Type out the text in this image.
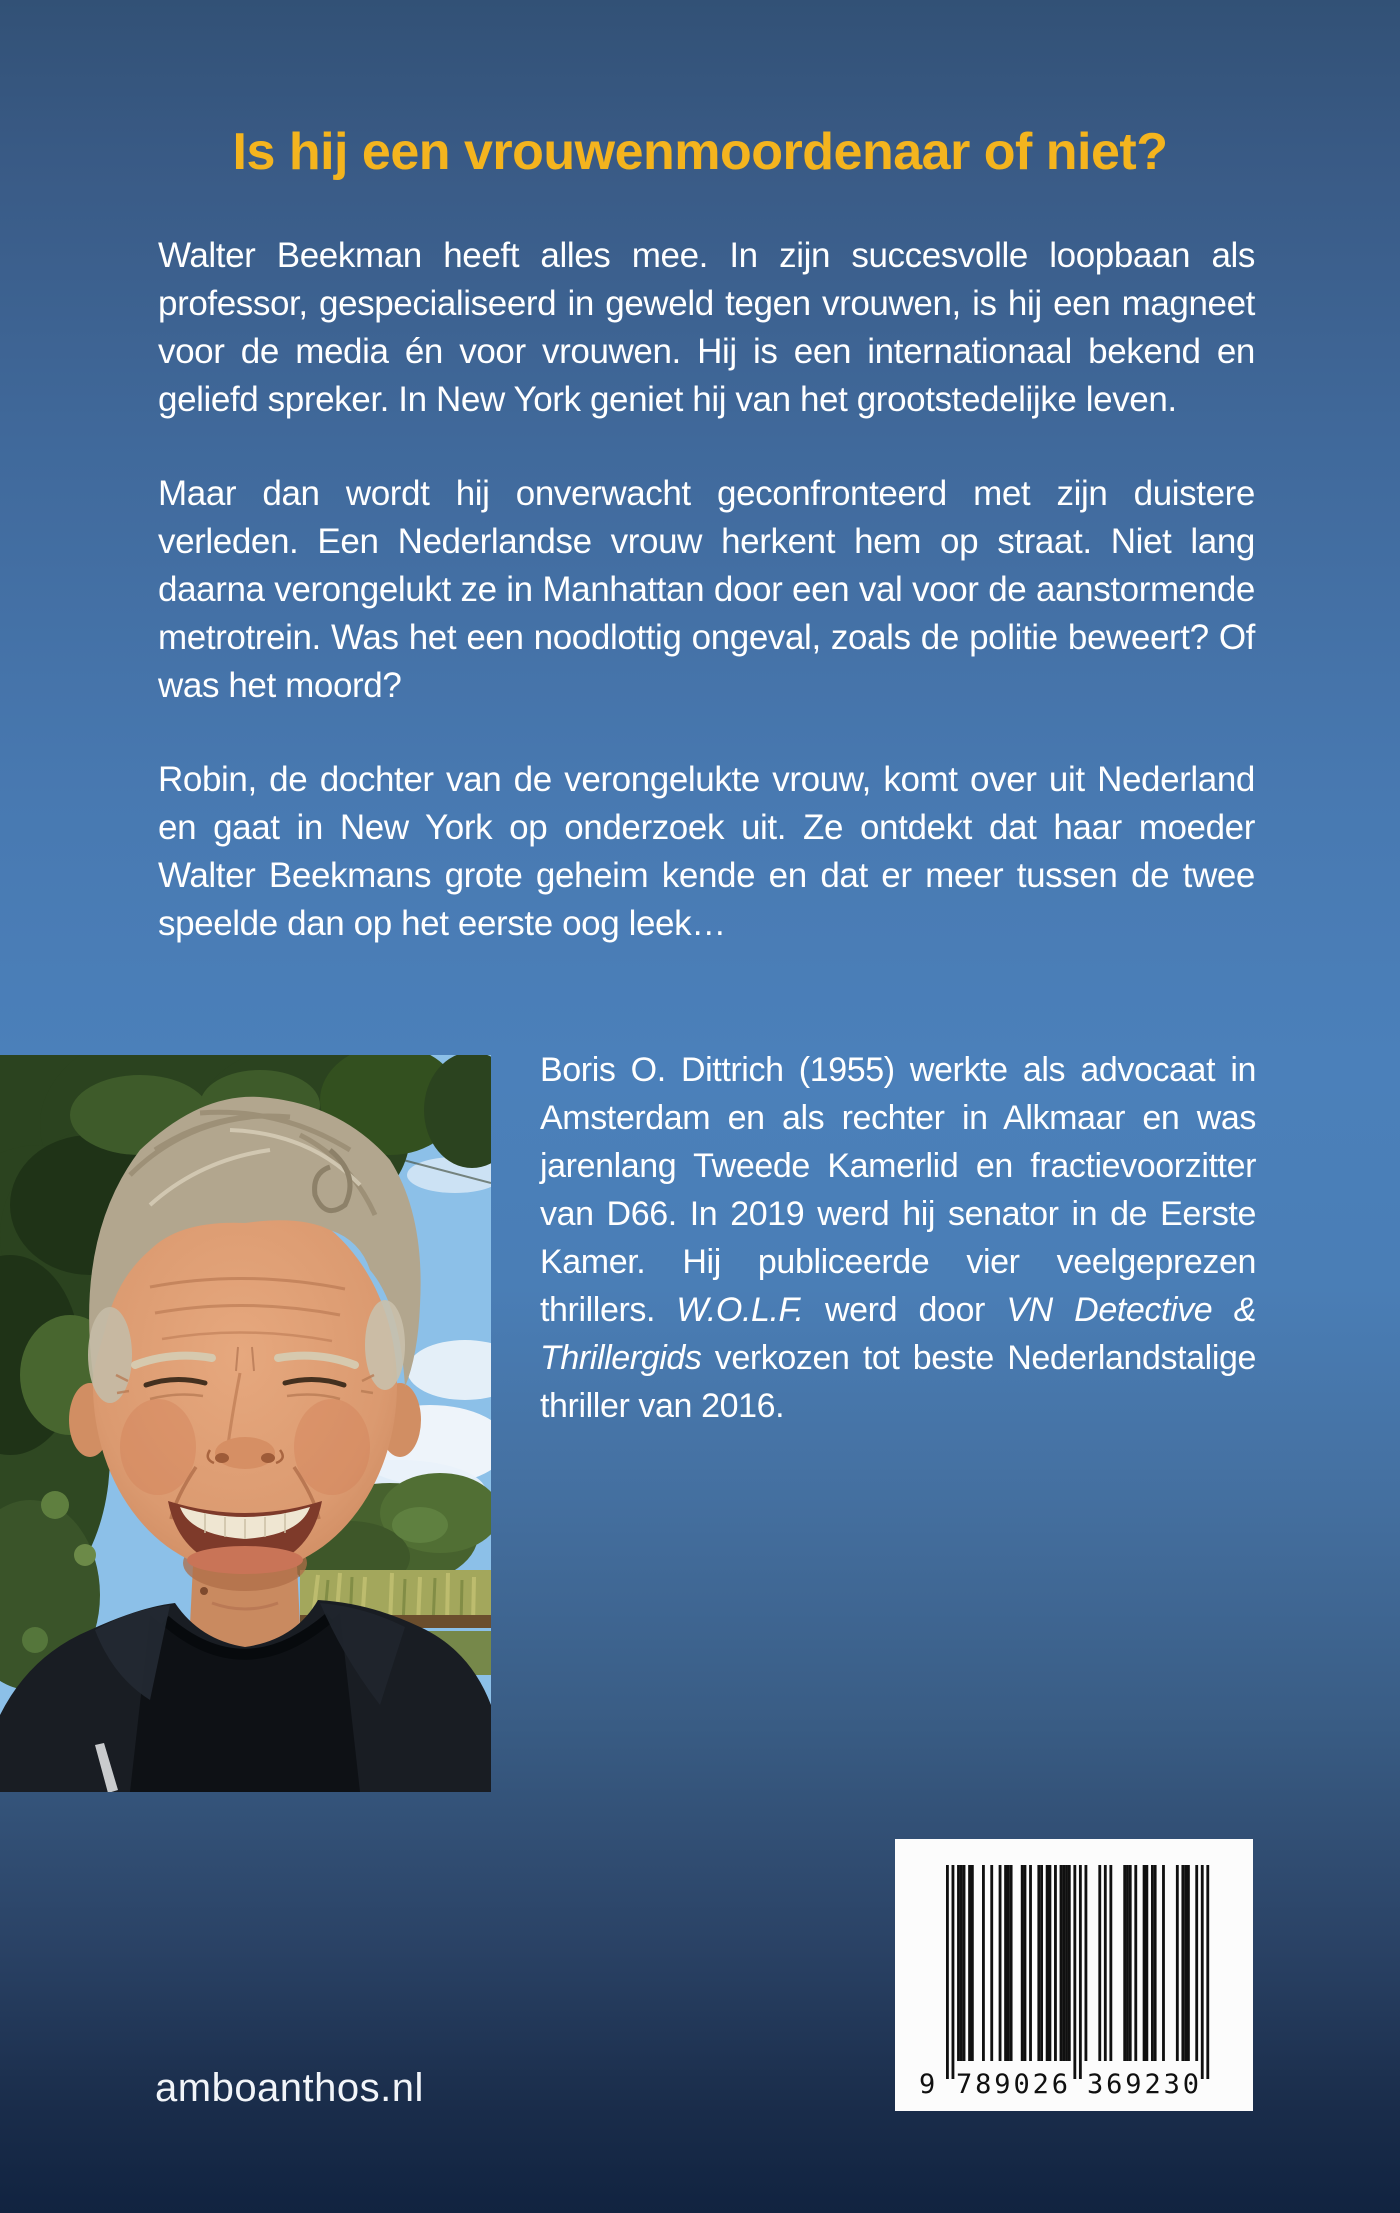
Is hij een vrouwenmoordenaar of niet?

Walter Beekman heeft alles mee. In zijn succesvolle loopbaan als professor, gespecialiseerd in geweld tegen vrouwen, is hij een magneet voor de media én voor vrouwen. Hij is een internationaal bekend en geliefd spreker. In New York geniet hij van het grootstedelijke leven.

Maar dan wordt hij onverwacht geconfronteerd met zijn duistere verleden. Een Nederlandse vrouw herkent hem op straat. Niet lang daarna verongelukt ze in Manhattan door een val voor de aanstormende metrotrein. Was het een noodlottig ongeval, zoals de politie beweert? Of was het moord?

Robin, de dochter van de verongelukte vrouw, komt over uit Nederland en gaat in New York op onderzoek uit. Ze ontdekt dat haar moeder Walter Beekmans grote geheim kende en dat er meer tussen de twee speelde dan op het eerste oog leek…

Boris O. Dittrich (1955) werkte als advocaat in Amsterdam en als rechter in Alkmaar en was jarenlang Tweede Kamerlid en fractievoorzitter van D66. In 2019 werd hij senator in de Eerste Kamer. Hij publiceerde vier veelgeprezen thrillers. W.O.L.F. werd door VN Detective & Thrillergids verkozen tot beste Nederlandstalige thriller van 2016.

amboanthos.nl	9 789026 369230
